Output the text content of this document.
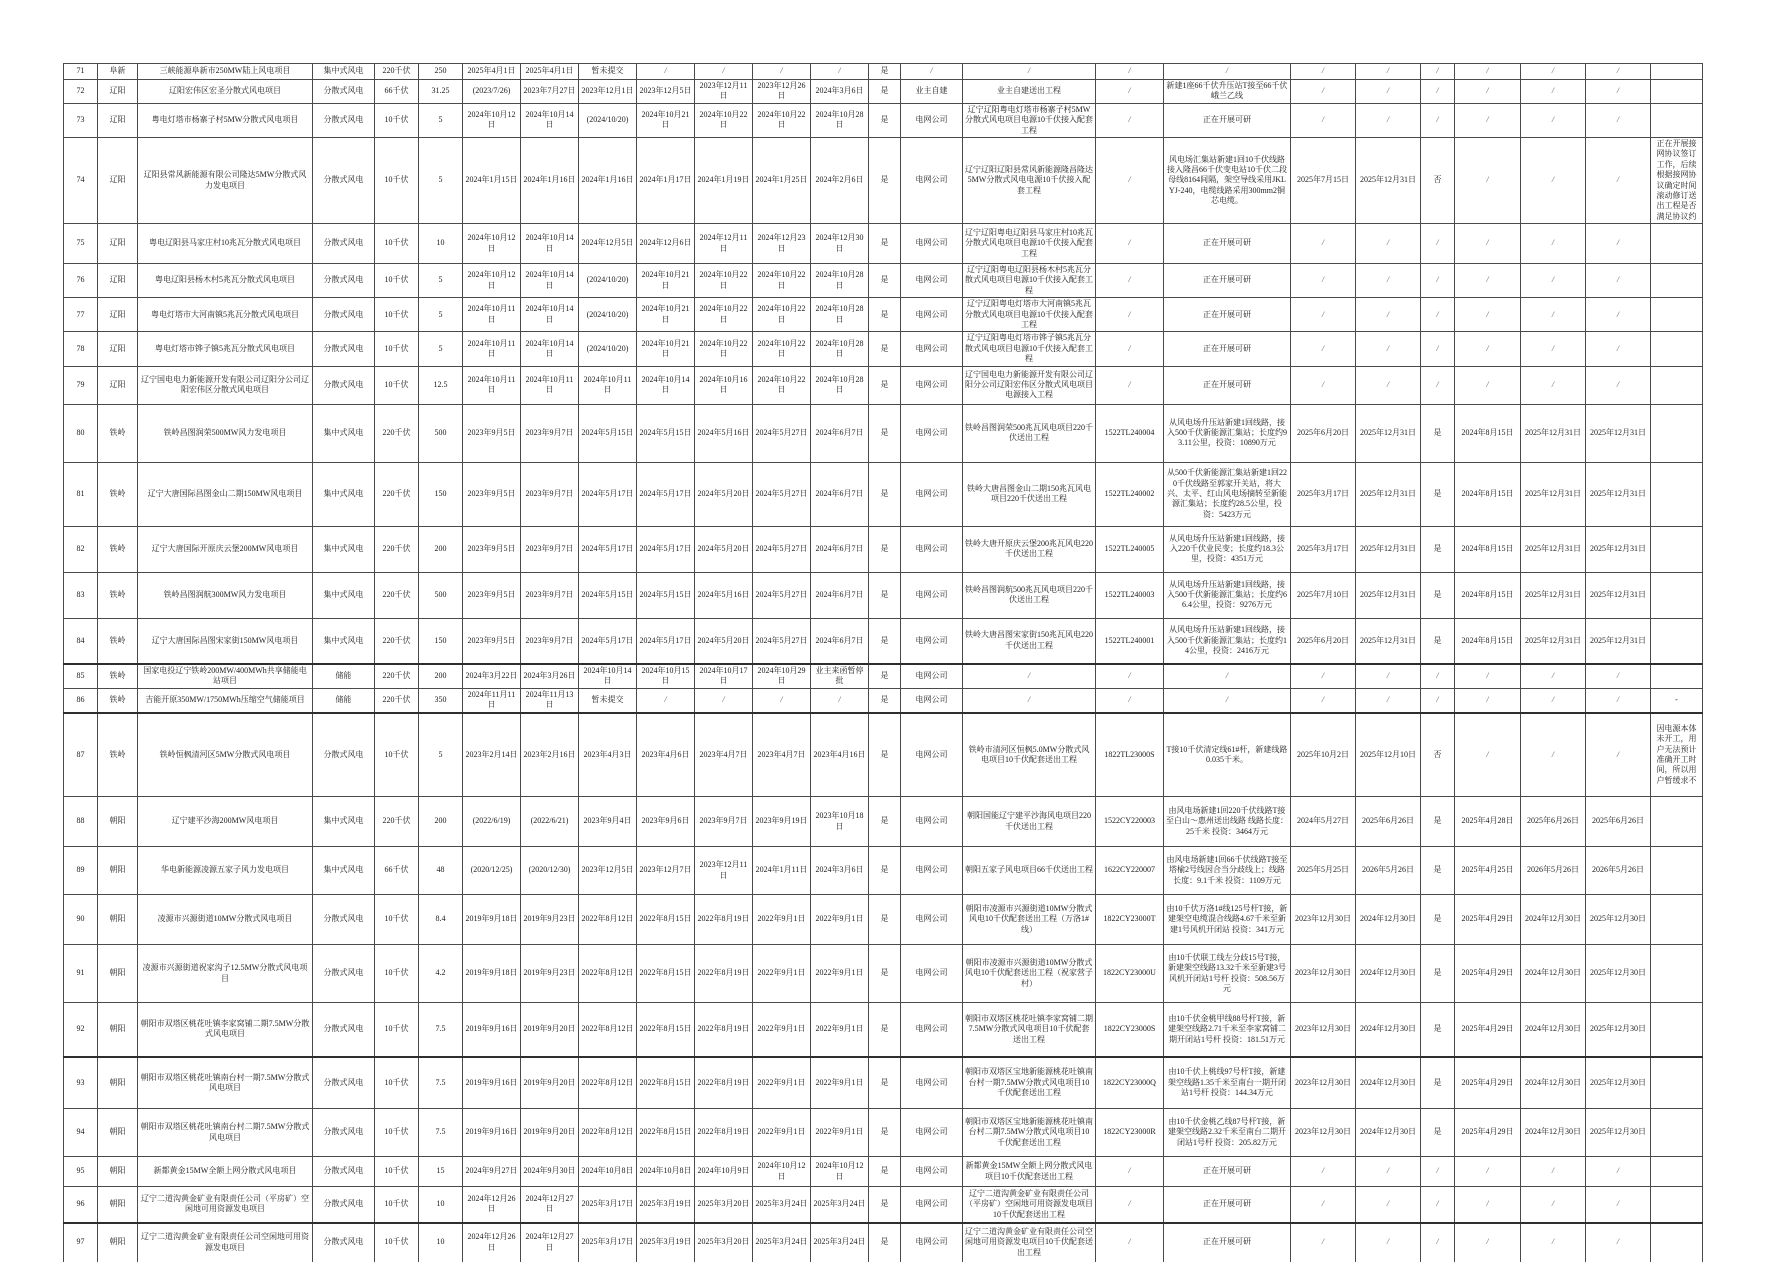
71	阜新	三峡能源阜新市250MW陆上风电项目	集中式风电	220千伏	250	2025年4月1日	2025年4月1日	暂未提交	/	/	/	/	是	/	/	/	/	/	/	/	/	/	/	
72	辽阳	辽阳宏伟区宏圣分散式风电项目	分散式风电	66千伏	31.25	(2023/7/26)	2023年7月27日	2023年12月1日	2023年12月5日	2023年12月11日	2023年12月26日	2024年3月6日	是	业主自建	业主自建送出工程	/	新建1座66千伏升压站T接至66千伏峨兰乙线	/	/	/	/	/	/	
73	辽阳	粤电灯塔市杨寨子村5MW分散式风电项目	分散式风电	10千伏	5	2024年10月12日	2024年10月14日	(2024/10/20)	2024年10月21日	2024年10月22日	2024年10月22日	2024年10月28日	是	电网公司	辽宁辽阳粤电灯塔市杨寨子村5MW分散式风电项目电源10千伏接入配套工程	/	正在开展可研	/	/	/	/	/	/	
74	辽阳	辽阳县常风新能源有限公司隆达5MW分散式风力发电项目	分散式风电	10千伏	5	2024年1月15日	2024年1月16日	2024年1月16日	2024年1月17日	2024年1月19日	2024年1月25日	2024年2月6日	是	电网公司	辽宁辽阳辽阳县常风新能源隆昌隆达5MW分散式风电电源10千伏接入配套工程	/	风电场汇集站新建1回10千伏线路接入隆昌66千伏变电站10千伏二段母线8164间隔，架空导线采用JKLYJ-240，电缆线路采用300mm2铜芯电缆。	2025年7月15日	2025年12月31日	否	/	/	/	正在开展接网协议签订工作，后续根据接网协议确定时间滚动修订送出工程是否满足协议约
75	辽阳	粤电辽阳县马家庄村10兆瓦分散式风电项目	分散式风电	10千伏	10	2024年10月12日	2024年10月14日	2024年12月5日	2024年12月6日	2024年12月11日	2024年12月23日	2024年12月30日	是	电网公司	辽宁辽阳粤电辽阳县马家庄村10兆瓦分散式风电项目电源10千伏接入配套工程	/	正在开展可研	/	/	/	/	/	/	
76	辽阳	粤电辽阳县杨木村5兆瓦分散式风电项目	分散式风电	10千伏	5	2024年10月12日	2024年10月14日	(2024/10/20)	2024年10月21日	2024年10月22日	2024年10月22日	2024年10月28日	是	电网公司	辽宁辽阳粤电辽阳县杨木村5兆瓦分散式风电项目电源10千伏接入配套工程	/	正在开展可研	/	/	/	/	/	/	
77	辽阳	粤电灯塔市大河南镇5兆瓦分散式风电项目	分散式风电	10千伏	5	2024年10月11日	2024年10月14日	(2024/10/20)	2024年10月21日	2024年10月22日	2024年10月22日	2024年10月28日	是	电网公司	辽宁辽阳粤电灯塔市大河南镇5兆瓦分散式风电项目电源10千伏接入配套工程	/	正在开展可研	/	/	/	/	/	/	
78	辽阳	粤电灯塔市铧子镇5兆瓦分散式风电项目	分散式风电	10千伏	5	2024年10月11日	2024年10月14日	(2024/10/20)	2024年10月21日	2024年10月22日	2024年10月22日	2024年10月28日	是	电网公司	辽宁辽阳粤电灯塔市铧子镇5兆瓦分散式风电项目电源10千伏接入配套工程	/	正在开展可研	/	/	/	/	/	/	
79	辽阳	辽宁国电电力新能源开发有限公司辽阳分公司辽阳宏伟区分散式风电项目	分散式风电	10千伏	12.5	2024年10月11日	2024年10月11日	2024年10月11日	2024年10月14日	2024年10月16日	2024年10月22日	2024年10月28日	是	电网公司	辽宁国电电力新能源开发有限公司辽阳分公司辽阳宏伟区分散式风电项目电源接入工程	/	正在开展可研	/	/	/	/	/	/	
80	铁岭	铁岭昌图润荣500MW风力发电项目	集中式风电	220千伏	500	2023年9月5日	2023年9月7日	2024年5月15日	2024年5月15日	2024年5月16日	2024年5月27日	2024年6月7日	是	电网公司	铁岭昌图润荣500兆瓦风电项目220千伏送出工程	1522TL240004	从风电场升压站新建1回线路，接入500千伏新能源汇集站；长度约93.11公里，投资：10890万元	2025年6月20日	2025年12月31日	是	2024年8月15日	2025年12月31日	2025年12月31日	
81	铁岭	辽宁大唐国际昌图金山二期150MW风电项目	集中式风电	220千伏	150	2023年9月5日	2023年9月7日	2024年5月17日	2024年5月17日	2024年5月20日	2024年5月27日	2024年6月7日	是	电网公司	铁岭大唐昌图金山二期150兆瓦风电项目220千伏送出工程	1522TL240002	从500千伏新能源汇集站新建1回220千伏线路至郭家开关站，将大兴、太平、红山风电场摘转至新能源汇集站；长度约28.5公里，投资：5423万元	2025年3月17日	2025年12月31日	是	2024年8月15日	2025年12月31日	2025年12月31日	
82	铁岭	辽宁大唐国际开原庆云堡200MW风电项目	集中式风电	220千伏	200	2023年9月5日	2023年9月7日	2024年5月17日	2024年5月17日	2024年5月20日	2024年5月27日	2024年6月7日	是	电网公司	铁岭大唐开原庆云堡200兆瓦风电220千伏送出工程	1522TL240005	从风电场升压站新建1回线路，接入220千伏业民变；长度约18.3公里，投资：4351万元	2025年3月17日	2025年12月31日	是	2024年8月15日	2025年12月31日	2025年12月31日	
83	铁岭	铁岭昌图润航300MW风力发电项目	集中式风电	220千伏	500	2023年9月5日	2023年9月7日	2024年5月15日	2024年5月15日	2024年5月16日	2024年5月27日	2024年6月7日	是	电网公司	铁岭昌图润航500兆瓦风电项目220千伏送出工程	1522TL240003	从风电场升压站新建1回线路，接入500千伏新能源汇集站；长度约66.4公里，投资：9276万元	2025年7月10日	2025年12月31日	是	2024年8月15日	2025年12月31日	2025年12月31日	
84	铁岭	辽宁大唐国际昌图宋家街150MW风电项目	集中式风电	220千伏	150	2023年9月5日	2023年9月7日	2024年5月17日	2024年5月17日	2024年5月20日	2024年5月27日	2024年6月7日	是	电网公司	铁岭大唐昌图宋家街150兆瓦风电220千伏送出工程	1522TL240001	从风电场升压站新建1回线路，接入500千伏新能源汇集站；长度约14公里，投资：2416万元	2025年6月20日	2025年12月31日	是	2024年8月15日	2025年12月31日	2025年12月31日	
85	铁岭	国家电投辽宁铁岭200MW/400MWh共享储能电站项目	储能	220千伏	200	2024年3月22日	2024年3月26日	2024年10月14日	2024年10月15日	2024年10月17日	2024年10月29日	业主来函暂停批	是	电网公司	/	/	/	/	/	/	/	/	/	
86	铁岭	吉能开原350MW/1750MWh压缩空气储能项目	储能	220千伏	350	2024年11月11日	2024年11月13日	暂未提交	/	/	/	/	是	电网公司	/	/	/	/	/	/	/	/	/	-
87	铁岭	铁岭恒枫清河区5MW分散式风电项目	分散式风电	10千伏	5	2023年2月14日	2023年2月16日	2023年4月3日	2023年4月6日	2023年4月7日	2023年4月7日	2023年4月16日	是	电网公司	铁岭市清河区恒枫5.0MW分散式风电项目10千伏配套送出工程	1822TL23000S	T接10千伏清定线61#杆，新建线路0.035千米。	2025年10月2日	2025年12月10日	否	/	/	/	因电源本体未开工，用户无法预计准确开工时间，所以用户暂缓求不
88	朝阳	辽宁建平沙海200MW风电项目	集中式风电	220千伏	200	(2022/6/19)	(2022/6/21)	2023年9月4日	2023年9月6日	2023年9月7日	2023年9月19日	2023年10月18日	是	电网公司	朝阳国能辽宁建平沙海风电项目220千伏送出工程	1522CY220003	由风电场新建1回220千伏线路T接至白山～惠州送出线路 线路长度：25千米 投资：3464万元	2024年5月27日	2025年6月26日	是	2025年4月28日	2025年6月26日	2025年6月26日	
89	朝阳	华电新能源凌源五家子风力发电项目	集中式风电	66千伏	48	(2020/12/25)	(2020/12/30)	2023年12月5日	2023年12月7日	2023年12月11日	2024年1月11日	2024年3月6日	是	电网公司	朝阳五家子风电项目66千伏送出工程	1622CY220007	由风电场新建1回66千伏线路T接至塔榆2号线因合当分歧线上；线路长度：9.1千米 投资：1109万元	2025年5月25日	2026年5月26日	是	2025年4月25日	2026年5月26日	2026年5月26日	
90	朝阳	凌源市兴源街道10MW分散式风电项目	分散式风电	10千伏	8.4	2019年9月18日	2019年9月23日	2022年8月12日	2022年8月15日	2022年8月19日	2022年9月1日	2022年9月1日	是	电网公司	朝阳市凌源市兴源街道10MW分散式风电10千伏配套送出工程（万洛1#线）	1822CY23000T	由10千伏万洛1#线125号杆T接，新建架空电缆混合线路4.67千米至新建1号风机开闭站 投资：341万元	2023年12月30日	2024年12月30日	是	2025年4月29日	2024年12月30日	2025年12月30日	
91	朝阳	凌源市兴源街道祝家沟子12.5MW分散式风电项目	分散式风电	10千伏	4.2	2019年9月18日	2019年9月23日	2022年8月12日	2022年8月15日	2022年8月19日	2022年9月1日	2022年9月1日	是	电网公司	朝阳市凌源市兴源街道10MW分散式风电10千伏配套送出工程（祝家营子村）	1822CY23000U	由10千伏联工线左分歧15号T接，新建架空线路13.32千米至新建3号风机开闭站1号杆 投资：508.56万元	2023年12月30日	2024年12月30日	是	2025年4月29日	2024年12月30日	2025年12月30日	
92	朝阳	朝阳市双塔区桃花吐镇李家窝铺二期7.5MW分散式风电项目	分散式风电	10千伏	7.5	2019年9月16日	2019年9月20日	2022年8月12日	2022年8月15日	2022年8月19日	2022年9月1日	2022年9月1日	是	电网公司	朝阳市双塔区桃花吐镇李家窝铺二期7.5MW分散式风电项目10千伏配套送出工程	1822CY23000S	由10千伏金桃甲线88号杆T接，新建架空线路2.71千米至李家窝铺二期开闭站1号杆 投资：181.51万元	2023年12月30日	2024年12月30日	是	2025年4月29日	2024年12月30日	2025年12月30日	
93	朝阳	朝阳市双塔区桃花吐镇南台村一期7.5MW分散式风电项目	分散式风电	10千伏	7.5	2019年9月16日	2019年9月20日	2022年8月12日	2022年8月15日	2022年8月19日	2022年9月1日	2022年9月1日	是	电网公司	朝阳市双塔区宝地新能源桃花吐镇南台村一期7.5MW分散式风电项目10千伏配套送出工程	1822CY23000Q	由10千伏上桃线97号杆T接，新建架空线路1.35千米至南台一期开闭站1号杆 投资：144.34万元	2023年12月30日	2024年12月30日	是	2025年4月29日	2024年12月30日	2025年12月30日	
94	朝阳	朝阳市双塔区桃花吐镇南台村二期7.5MW分散式风电项目	分散式风电	10千伏	7.5	2019年9月16日	2019年9月20日	2022年8月12日	2022年8月15日	2022年8月19日	2022年9月1日	2022年9月1日	是	电网公司	朝阳市双塔区宝地新能源桃花吐镇南台村二期7.5MW分散式风电项目10千伏配套送出工程	1822CY23000R	由10千伏金桃乙线87号杆T接，新建架空线路2.32千米至南台二期开闭站1号杆 投资：205.82万元	2023年12月30日	2024年12月30日	是	2025年4月29日	2024年12月30日	2025年12月30日	
95	朝阳	新都黄金15MW全额上网分散式风电项目	分散式风电	10千伏	15	2024年9月27日	2024年9月30日	2024年10月8日	2024年10月8日	2024年10月9日	2024年10月12日	2024年10月12日	是	电网公司	新都黄金15MW全额上网分散式风电项目10千伏配套送出工程	/	正在开展可研	/	/	/	/	/	/	
96	朝阳	辽宁二道沟黄金矿业有限责任公司（平房矿）空闲地可用资源发电项目	分散式风电	10千伏	10	2024年12月26日	2024年12月27日	2025年3月17日	2025年3月19日	2025年3月20日	2025年3月24日	2025年3月24日	是	电网公司	辽宁二道沟黄金矿业有限责任公司（平房矿）空闲地可用资源发电项目10千伏配套送出工程	/	正在开展可研	/	/	/	/	/	/	
97	朝阳	辽宁二道沟黄金矿业有限责任公司空闲地可用资源发电项目	分散式风电	10千伏	10	2024年12月26日	2024年12月27日	2025年3月17日	2025年3月19日	2025年3月20日	2025年3月24日	2025年3月24日	是	电网公司	辽宁二道沟黄金矿业有限责任公司空闲地可用资源发电项目10千伏配套送出工程	/	正在开展可研	/	/	/	/	/	/	
